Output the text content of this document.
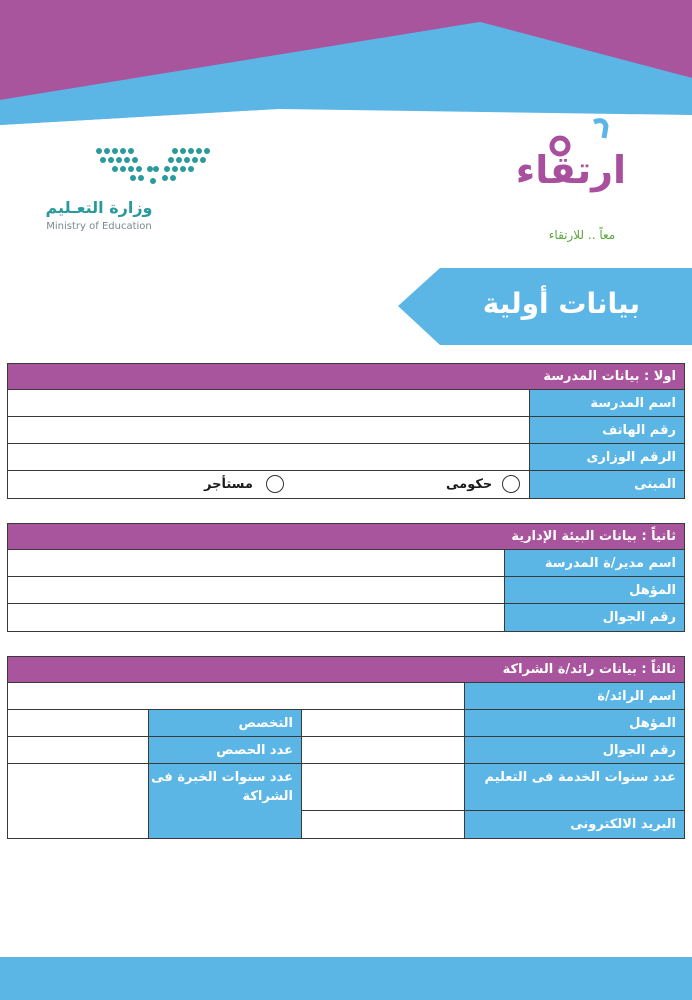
وزارة التعـليم
Ministry of Education
ارتقاء
معاً .. للارتقاء
بيانات أولية
اولا : بيانات المدرسة
اسم المدرسة
رقم الهاتف
الرقم الوزارى
المبنى
حكومى
مستأجر
ثانياً : بيانات البيئة الإدارية
اسم مدير/ة المدرسة
المؤهل
رقم الجوال
ثالثاً : بيانات رائد/ة الشراكة
اسم الرائد/ة
المؤهل
التخصص
رقم الجوال
عدد الحصص
عدد سنوات الخدمة فى التعليم
البريد الالكترونى
عدد سنوات الخبرة فى الشراكة
